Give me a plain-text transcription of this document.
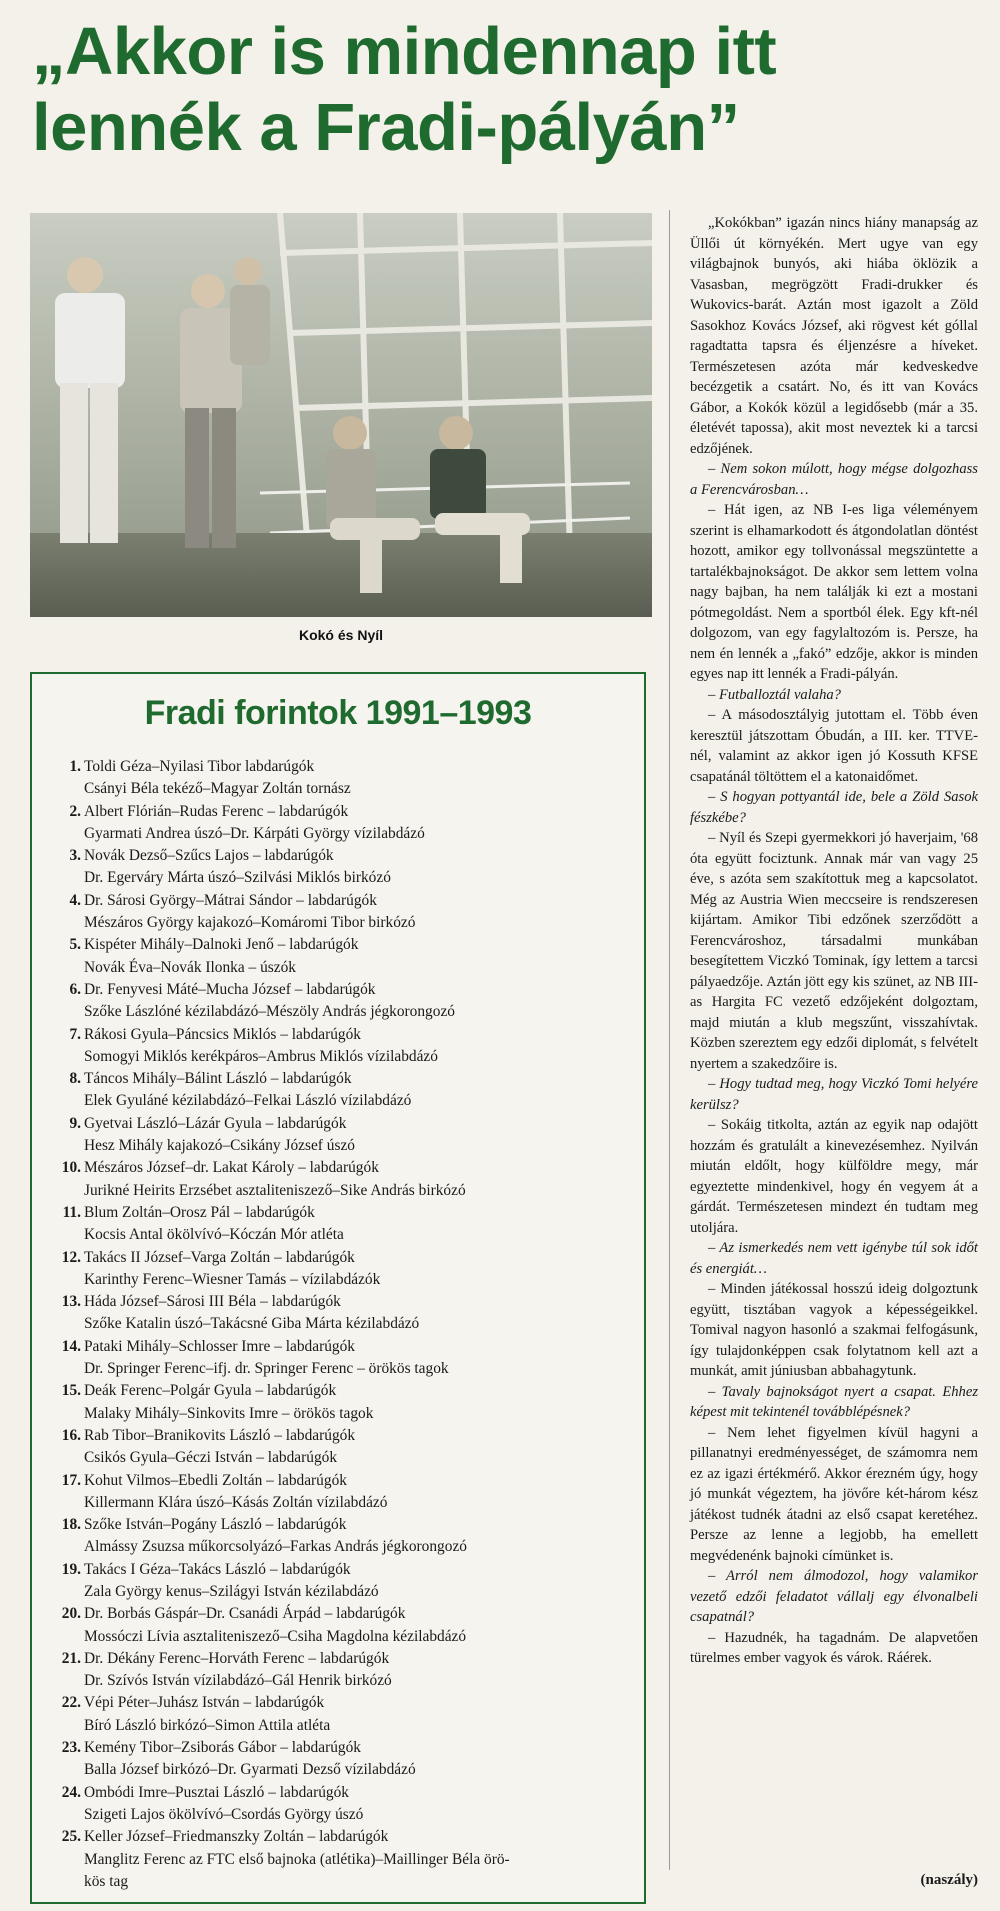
„Akkor is mindennap itt
lennék a Fradi-pályán”
Kokó és Nyíl
Fradi forintok 1991–1993
1. Toldi Géza–Nyilasi Tibor labdarúgók
Csányi Béla tekéző–Magyar Zoltán tornász
2. Albert Flórián–Rudas Ferenc – labdarúgók
Gyarmati Andrea úszó–Dr. Kárpáti György vízilabdázó
3. Novák Dezső–Szűcs Lajos – labdarúgók
Dr. Egerváry Márta úszó–Szilvási Miklós birkózó
4. Dr. Sárosi György–Mátrai Sándor – labdarúgók
Mészáros György kajakozó–Komáromi Tibor birkózó
5. Kispéter Mihály–Dalnoki Jenő – labdarúgók
Novák Éva–Novák Ilonka – úszók
6. Dr. Fenyvesi Máté–Mucha József – labdarúgók
Szőke Lászlóné kézilabdázó–Mészöly András jégkorongozó
7. Rákosi Gyula–Páncsics Miklós – labdarúgók
Somogyi Miklós kerékpáros–Ambrus Miklós vízilabdázó
8. Táncos Mihály–Bálint László – labdarúgók
Elek Gyuláné kézilabdázó–Felkai László vízilabdázó
9. Gyetvai László–Lázár Gyula – labdarúgók
Hesz Mihály kajakozó–Csikány József úszó
10. Mészáros József–dr. Lakat Károly – labdarúgók
Jurikné Heirits Erzsébet asztaliteniszező–Sike András birkózó
11. Blum Zoltán–Orosz Pál – labdarúgók
Kocsis Antal ökölvívó–Kóczán Mór atléta
12. Takács II József–Varga Zoltán – labdarúgók
Karinthy Ferenc–Wiesner Tamás – vízilabdázók
13. Háda József–Sárosi III Béla – labdarúgók
Szőke Katalin úszó–Takácsné Giba Márta kézilabdázó
14. Pataki Mihály–Schlosser Imre – labdarúgók
Dr. Springer Ferenc–ifj. dr. Springer Ferenc – örökös tagok
15. Deák Ferenc–Polgár Gyula – labdarúgók
Malaky Mihály–Sinkovits Imre – örökös tagok
16. Rab Tibor–Branikovits László – labdarúgók
Csikós Gyula–Géczi István – labdarúgók
17. Kohut Vilmos–Ebedli Zoltán – labdarúgók
Killermann Klára úszó–Kásás Zoltán vízilabdázó
18. Szőke István–Pogány László – labdarúgók
Almássy Zsuzsa műkorcsolyázó–Farkas András jégkorongozó
19. Takács I Géza–Takács László – labdarúgók
Zala György kenus–Szilágyi István kézilabdázó
20. Dr. Borbás Gáspár–Dr. Csanádi Árpád – labdarúgók
Mossóczi Lívia asztaliteniszező–Csiha Magdolna kézilabdázó
21. Dr. Dékány Ferenc–Horváth Ferenc – labdarúgók
Dr. Szívós István vízilabdázó–Gál Henrik birkózó
22. Vépi Péter–Juhász István – labdarúgók
Bíró László birkózó–Simon Attila atléta
23. Kemény Tibor–Zsiborás Gábor – labdarúgók
Balla József birkózó–Dr. Gyarmati Dezső vízilabdázó
24. Ombódi Imre–Pusztai László – labdarúgók
Szigeti Lajos ökölvívó–Csordás György úszó
25. Keller József–Friedmanszky Zoltán – labdarúgók
Manglitz Ferenc az FTC első bajnoka (atlétika)–Maillinger Béla örö-
kös tag

„Kokókban” igazán nincs hiány manapság az Üllői út környékén. Mert ugye van egy világbajnok bunyós, aki hiába öklözik a Vasasban, megrögzött Fradi-drukker és Wukovics-barát. Aztán most igazolt a Zöld Sasokhoz Kovács József, aki rögvest két góllal ragadtatta tapsra és éljenzésre a híveket. Természetesen azóta már kedveskedve becézgetik a csatárt. No, és itt van Kovács Gábor, a Kokók közül a legidősebb (már a 35. életévét tapossa), akit most neveztek ki a tarcsi edzőjének.

– Nem sokon múlott, hogy mégse dolgozhass a Ferencvárosban…

– Hát igen, az NB I-es liga véleményem szerint is elhamarkodott és átgondolatlan döntést hozott, amikor egy tollvonással megszüntette a tartalékbajnokságot. De akkor sem lettem volna nagy bajban, ha nem találják ki ezt a mostani pótmegoldást. Nem a sportból élek. Egy kft-nél dolgozom, van egy fagylaltozóm is. Persze, ha nem én lennék a „fakó” edzője, akkor is minden egyes nap itt lennék a Fradi-pályán.

– Futballoztál valaha?

– A másodosztályig jutottam el. Több éven keresztül játszottam Óbudán, a III. ker. TTVE-nél, valamint az akkor igen jó Kossuth KFSE csapatánál töltöttem el a katonaidőmet.

– S hogyan pottyantál ide, bele a Zöld Sasok fészkébe?

– Nyíl és Szepi gyermekkori jó haverjaim, '68 óta együtt fociztunk. Annak már van vagy 25 éve, s azóta sem szakítottuk meg a kapcsolatot. Még az Austria Wien meccseire is rendszeresen kijártam. Amikor Tibi edzőnek szerződött a Ferencvároshoz, társadalmi munkában besegítettem Viczkó Tominak, így lettem a tarcsi pályaedzője. Aztán jött egy kis szünet, az NB III-as Hargita FC vezető edzőjeként dolgoztam, majd miután a klub megszűnt, visszahívtak. Közben szereztem egy edzői diplomát, s felvételt nyertem a szakedzőire is.

– Hogy tudtad meg, hogy Viczkó Tomi helyére kerülsz?

– Sokáig titkolta, aztán az egyik nap odajött hozzám és gratulált a kinevezésemhez. Nyilván miután eldőlt, hogy külföldre megy, már egyeztette mindenkivel, hogy én vegyem át a gárdát. Természetesen mindezt én tudtam meg utoljára.

– Az ismerkedés nem vett igénybe túl sok időt és energiát…

– Minden játékossal hosszú ideig dolgoztunk együtt, tisztában vagyok a képességeikkel. Tomival nagyon hasonló a szakmai felfogásunk, így tulajdonképpen csak folytatnom kell azt a munkát, amit júniusban abbahagytunk.

– Tavaly bajnokságot nyert a csapat. Ehhez képest mit tekintenél továbblépésnek?

– Nem lehet figyelmen kívül hagyni a pillanatnyi eredményességet, de számomra nem ez az igazi értékmérő. Akkor érezném úgy, hogy jó munkát végeztem, ha jövőre két-három kész játékost tudnék átadni az első csapat keretéhez. Persze az lenne a legjobb, ha emellett megvédenénk bajnoki címünket is.

– Arról nem álmodozol, hogy valamikor vezető edzői feladatot vállalj egy élvonalbeli csapatnál?

– Hazudnék, ha tagadnám. De alapvetően türelmes ember vagyok és várok. Ráérek.

(naszály)
